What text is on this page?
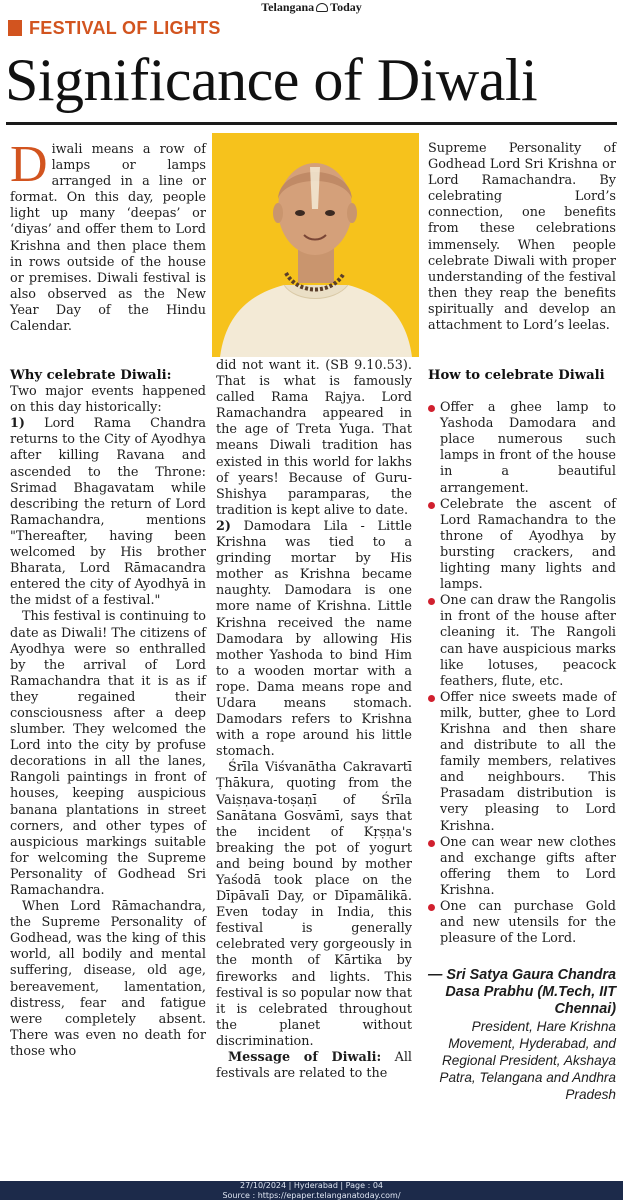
Telangana Today
FESTIVAL OF LIGHTS
Significance of Diwali
D iwali means a row of lamps or lamps arranged in a line or format. On this day, people light up many ‘deepas’ or ‘diyas’ and offer them to Lord Krishna and then place them in rows outside of the house or premises. Diwali festival is also observed as the New Year Day of the Hindu Calendar.

Supreme Personality of Godhead Lord Sri Krishna or Lord Ramachandra. By celebrating Lord’s connection, one benefits from these celebrations immensely. When people celebrate Diwali with proper understanding of the festival then they reap the benefits spiritually and develop an attachment to Lord’s leelas.

Why celebrate Diwali:

Two major events happened on this day historically:

1) Lord Rama Chandra returns to the City of Ayodhya after killing Ravana and ascended to the Throne: Srimad Bhagavatam while describing the return of Lord Ramachandra, mentions "Thereafter, having been welcomed by His brother Bharata, Lord Rāmacandra entered the city of Ayodhyā in the midst of a festival."

This festival is continuing to date as Diwali! The citizens of Ayodhya were so enthralled by the arrival of Lord Ramachandra that it is as if they regained their consciousness after a deep slumber. They welcomed the Lord into the city by profuse decorations in all the lanes, Rangoli paintings in front of houses, keeping auspicious banana plantations in street corners, and other types of auspicious markings suitable for welcoming the Supreme Personality of Godhead Sri Ramachandra.

When Lord Rāmachandra, the Supreme Personality of Godhead, was the king of this world, all bodily and mental suffering, disease, old age, bereavement, lamentation, distress, fear and fatigue were completely absent. There was even no death for those who

did not want it. (SB 9.10.53). That is what is famously called Rama Rajya. Lord Ramachandra appeared in the age of Treta Yuga. That means Diwali tradition has existed in this world for lakhs of years! Because of Guru-Shishya paramparas, the tradition is kept alive to date.

2) Damodara Lila - Little Krishna was tied to a grinding mortar by His mother as Krishna became naughty. Damodara is one more name of Krishna. Little Krishna received the name Damodara by allowing His mother Yashoda to bind Him to a wooden mortar with a rope. Dama means rope and Udara means stomach. Damodars refers to Krishna with a rope around his little stomach.

Śrīla Viśvanātha Cakravartī Ṭhākura, quoting from the Vaiṣṇava-toṣaṇī of Śrīla Sanātana Gosvāmī, says that the incident of Kṛṣṇa's breaking the pot of yogurt and being bound by mother Yaśodā took place on the Dīpāvalī Day, or Dīpamālikā. Even today in India, this festival is generally celebrated very gorgeously in the month of Kārtika by fireworks and lights. This festival is so popular now that it is celebrated throughout the planet without discrimination.

Message of Diwali: All festivals are related to the

How to celebrate Diwali

Offer a ghee lamp to Yashoda Damodara and place numerous such lamps in front of the house in a beautiful arrangement.
Celebrate the ascent of Lord Ramachandra to the throne of Ayodhya by bursting crackers, and lighting many lights and lamps.
One can draw the Rangolis in front of the house after cleaning it. The Rangoli can have auspicious marks like lotuses, peacock feathers, flute, etc.
Offer nice sweets made of milk, butter, ghee to Lord Krishna and then share and distribute to all the family members, relatives and neighbours. This Prasadam distribution is very pleasing to Lord Krishna.
One can wear new clothes and exchange gifts after offering them to Lord Krishna.
One can purchase Gold and new utensils for the pleasure of the Lord.

— Sri Satya Gaura Chandra Dasa Prabhu (M.Tech, IIT Chennai)

President, Hare Krishna Movement, Hyderabad, and Regional President, Akshaya Patra, Telangana and Andhra Pradesh

27/10/2024 | Hyderabad | Page : 04
Source : https://epaper.telanganatoday.com/
